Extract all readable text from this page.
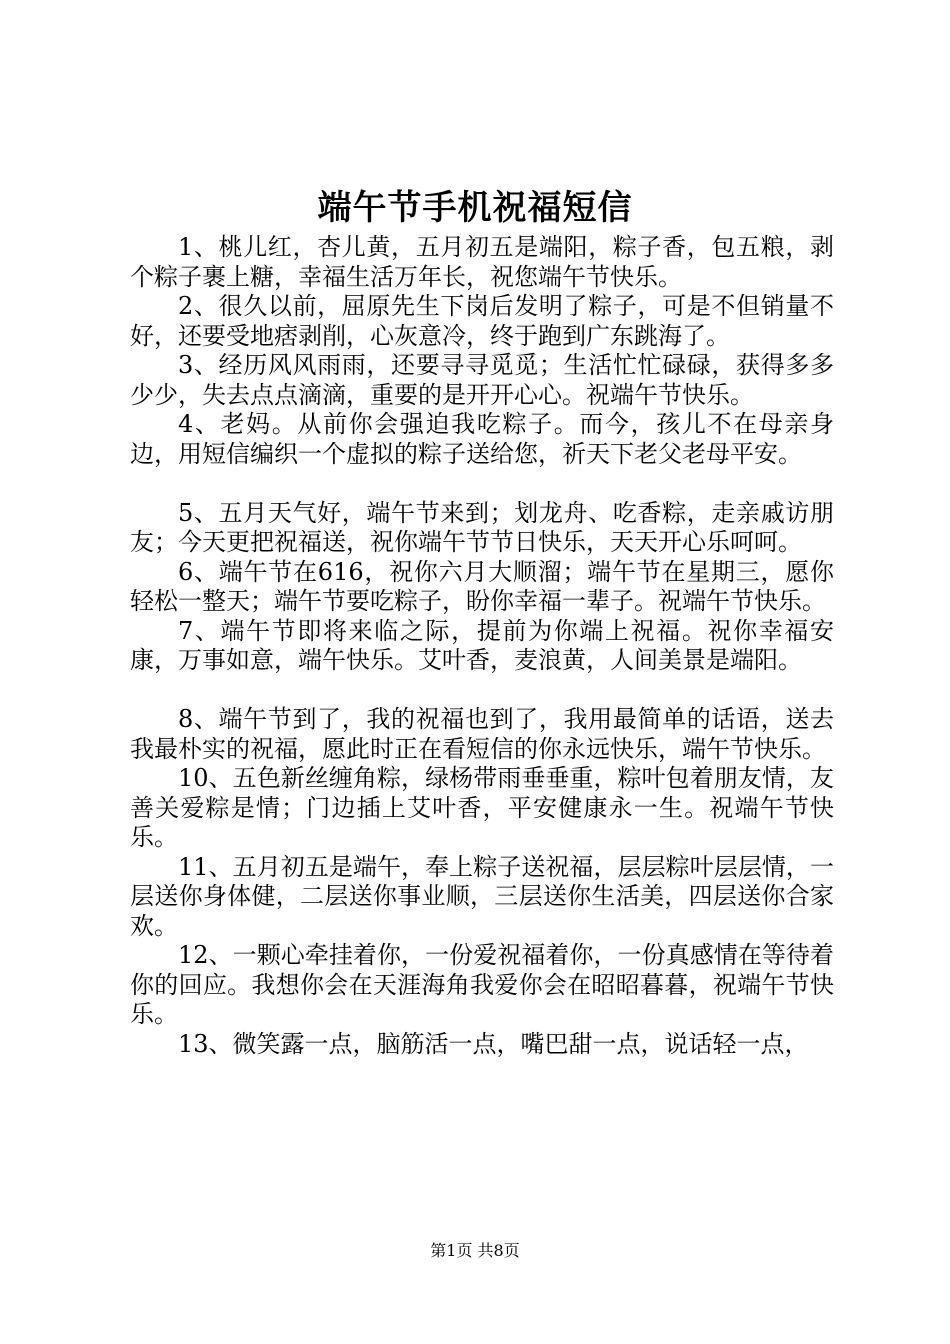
端午节手机祝福短信

1、桃儿红，杏儿黄，五月初五是端阳，粽子香，包五粮，剥个粽子裹上糖，幸福生活万年长，祝您端午节快乐。

2、很久以前，屈原先生下岗后发明了粽子，可是不但销量不好，还要受地痞剥削，心灰意冷，终于跑到广东跳海了。

3、经历风风雨雨，还要寻寻觅觅；生活忙忙碌碌，获得多多少少，失去点点滴滴，重要的是开开心心。祝端午节快乐。

4、老妈。从前你会强迫我吃粽子。而今，孩儿不在母亲身边，用短信编织一个虚拟的粽子送给您，祈天下老父老母平安。

5、五月天气好，端午节来到；划龙舟、吃香粽，走亲戚访朋友；今天更把祝福送，祝你端午节节日快乐，天天开心乐呵呵。

6、端午节在616，祝你六月大顺溜；端午节在星期三，愿你轻松一整天；端午节要吃粽子，盼你幸福一辈子。祝端午节快乐。

7、端午节即将来临之际，提前为你端上祝福。祝你幸福安康，万事如意，端午快乐。艾叶香，麦浪黄，人间美景是端阳。

8、端午节到了，我的祝福也到了，我用最简单的话语，送去我最朴实的祝福，愿此时正在看短信的你永远快乐，端午节快乐。

10、五色新丝缠角粽，绿杨带雨垂垂重，粽叶包着朋友情，友善关爱粽是情；门边插上艾叶香，平安健康永一生。祝端午节快乐。

11、五月初五是端午，奉上粽子送祝福，层层粽叶层层情，一层送你身体健，二层送你事业顺，三层送你生活美，四层送你合家欢。

12、一颗心牵挂着你，一份爱祝福着你，一份真感情在等待着你的回应。我想你会在天涯海角我爱你会在昭昭暮暮，祝端午节快乐。

13、微笑露一点，脑筋活一点，嘴巴甜一点，说话轻一点，

第1页 共8页
